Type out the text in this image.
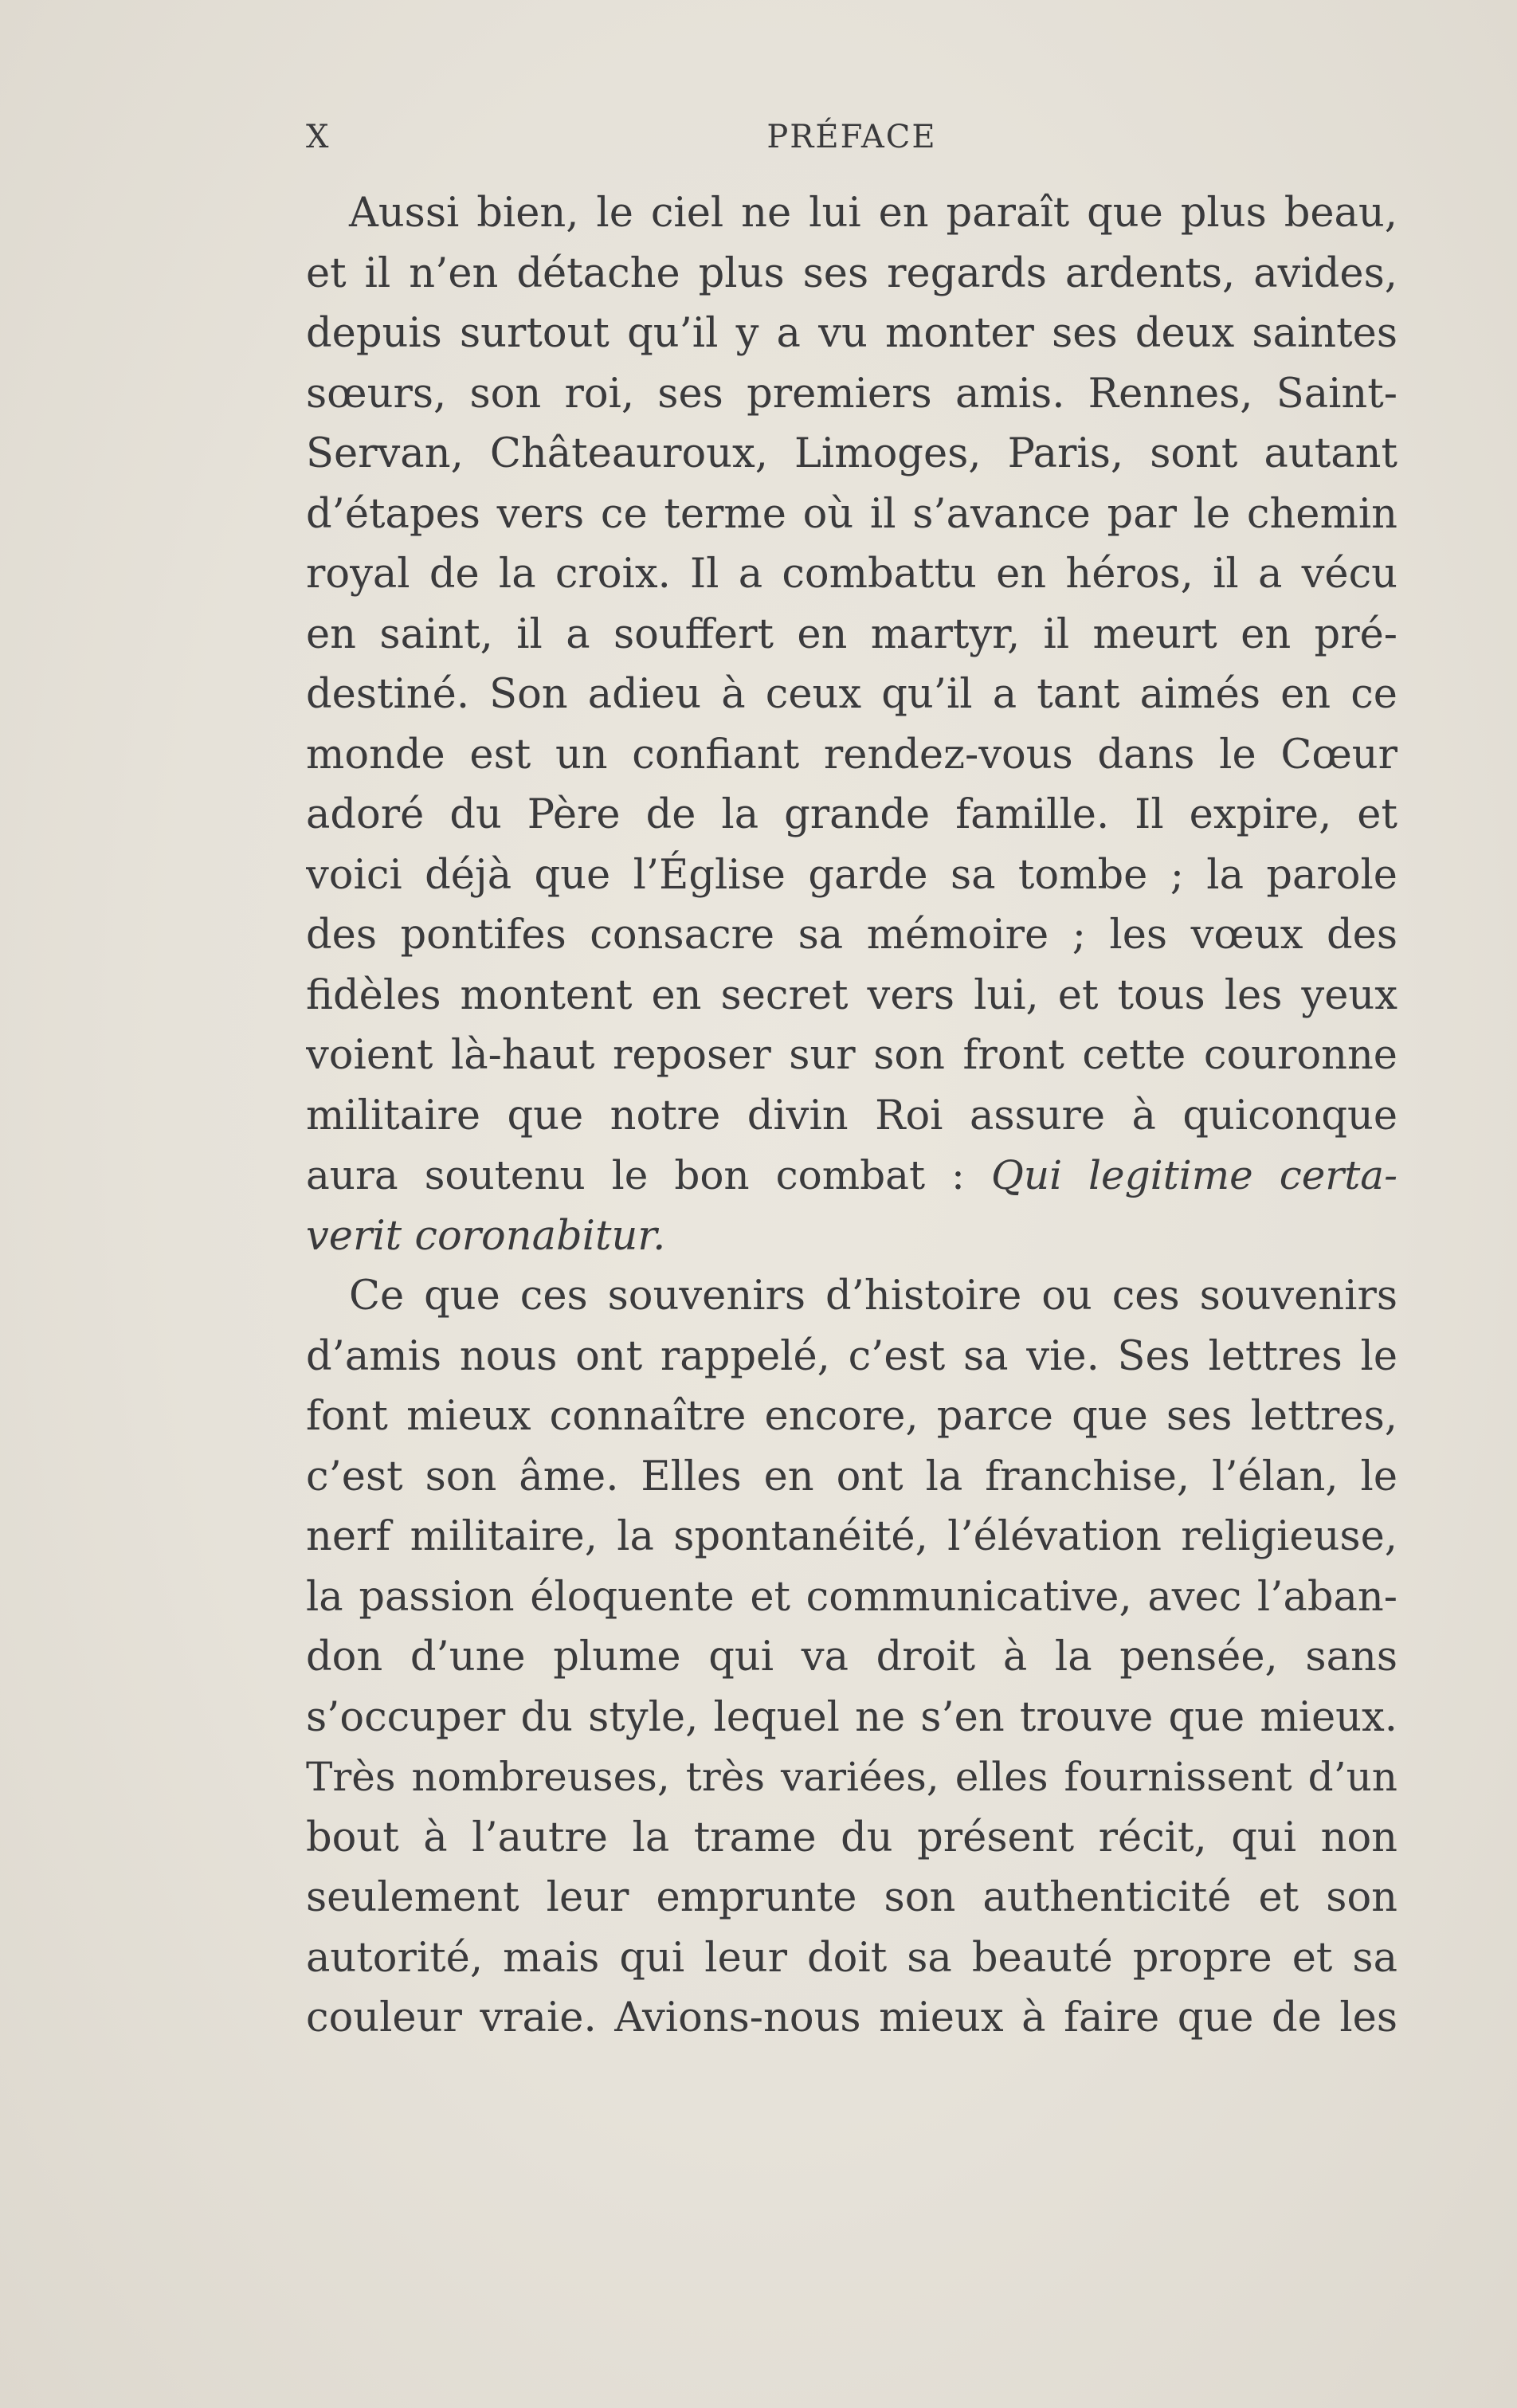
X	PRÉFACE
Aussi bien, le ciel ne lui en paraît que plus beau,
et il n’en détache plus ses regards ardents, avides,
depuis surtout qu’il y a vu monter ses deux saintes
sœurs, son roi, ses premiers amis. Rennes, Saint-
Servan, Châteauroux, Limoges, Paris, sont autant
d’étapes vers ce terme où il s’avance par le chemin
royal de la croix. Il a combattu en héros, il a vécu
en saint, il a souffert en martyr, il meurt en pré-
destiné. Son adieu à ceux qu’il a tant aimés en ce
monde est un confiant rendez-vous dans le Cœur
adoré du Père de la grande famille. Il expire, et
voici déjà que l’Église garde sa tombe ; la parole
des pontifes consacre sa mémoire ; les vœux des
fidèles montent en secret vers lui, et tous les yeux
voient là-haut reposer sur son front cette couronne
militaire que notre divin Roi assure à quiconque
aura soutenu le bon combat : Qui legitime certa-
verit coronabitur.
Ce que ces souvenirs d’histoire ou ces souvenirs
d’amis nous ont rappelé, c’est sa vie. Ses lettres le
font mieux connaître encore, parce que ses lettres,
c’est son âme. Elles en ont la franchise, l’élan, le
nerf militaire, la spontanéité, l’élévation religieuse,
la passion éloquente et communicative, avec l’aban-
don d’une plume qui va droit à la pensée, sans
s’occuper du style, lequel ne s’en trouve que mieux.
Très nombreuses, très variées, elles fournissent d’un
bout à l’autre la trame du présent récit, qui non
seulement leur emprunte son authenticité et son
autorité, mais qui leur doit sa beauté propre et sa
couleur vraie. Avions-nous mieux à faire que de les
